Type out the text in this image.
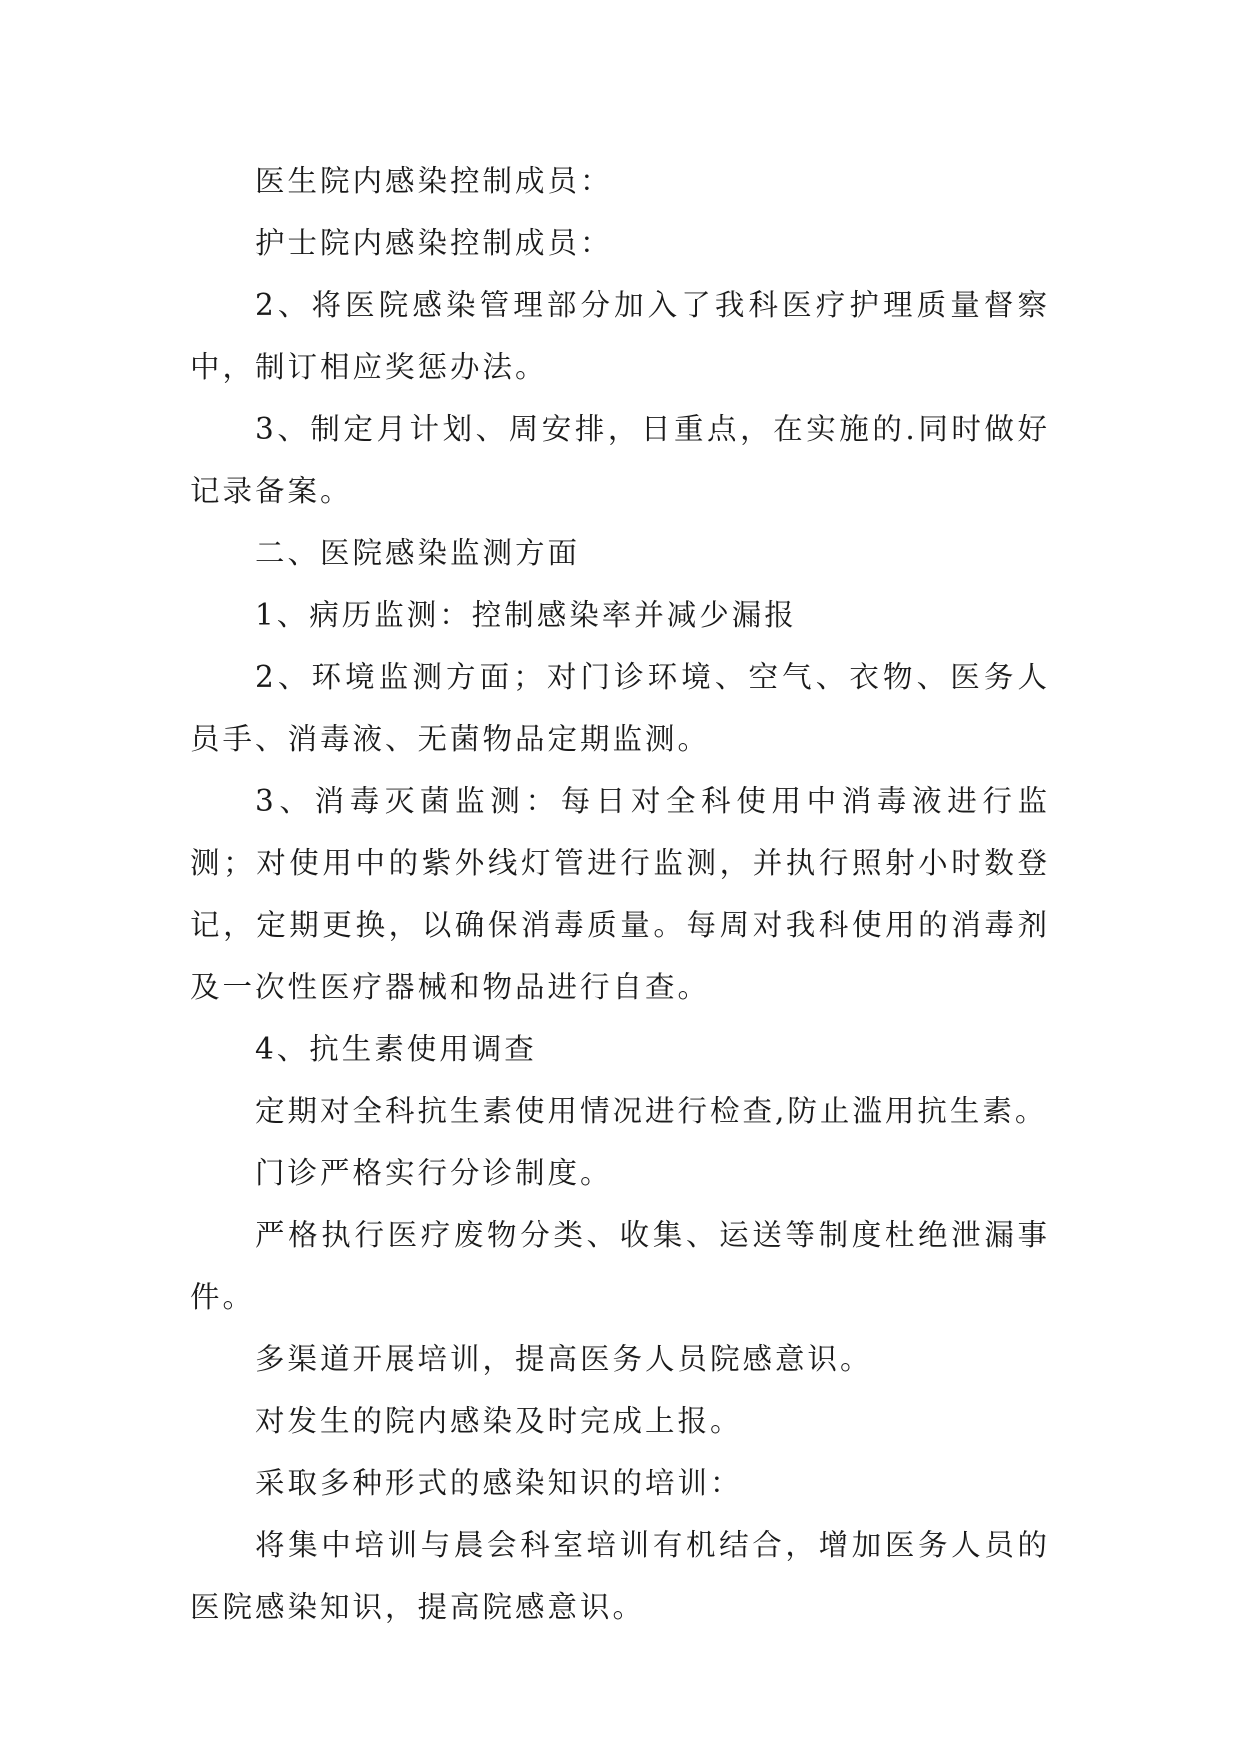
医生院内感染控制成员：

护士院内感染控制成员：

2、将医院感染管理部分加入了我科医疗护理质量督察中，制订相应奖惩办法。

3、制定月计划、周安排，日重点，在实施的.同时做好记录备案。

二、医院感染监测方面

1、病历监测：控制感染率并减少漏报

2、环境监测方面；对门诊环境、空气、衣物、医务人员手、消毒液、无菌物品定期监测。

3、消毒灭菌监测：每日对全科使用中消毒液进行监测；对使用中的紫外线灯管进行监测，并执行照射小时数登记，定期更换，以确保消毒质量。每周对我科使用的消毒剂及一次性医疗器械和物品进行自查。

4、抗生素使用调查

定期对全科抗生素使用情况进行检查,防止滥用抗生素。

门诊严格实行分诊制度。

严格执行医疗废物分类、收集、运送等制度杜绝泄漏事件。

多渠道开展培训，提高医务人员院感意识。

对发生的院内感染及时完成上报。

采取多种形式的感染知识的培训：

将集中培训与晨会科室培训有机结合，增加医务人员的医院感染知识，提高院感意识。
